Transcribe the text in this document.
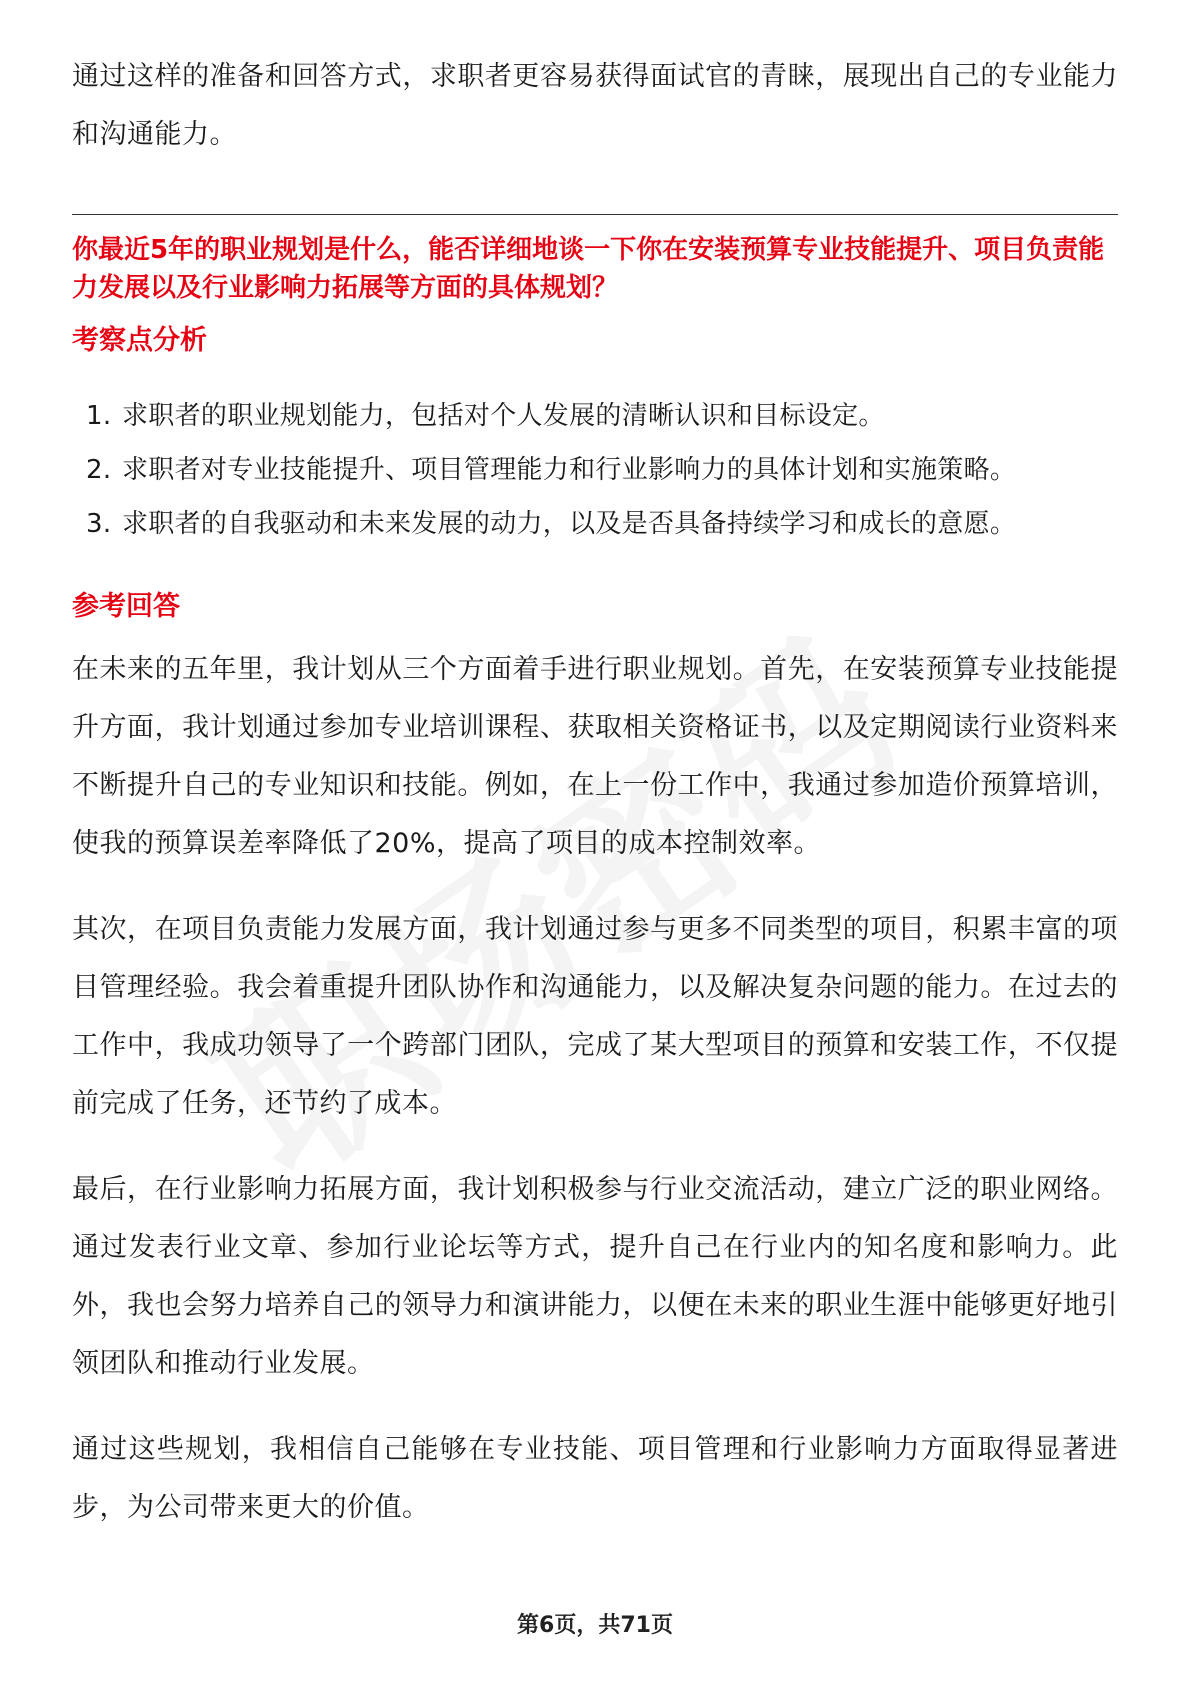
通过这样的准备和回答方式，求职者更容易获得面试官的青睐，展现出自己的专业能力和沟通能力。

你最近5年的职业规划是什么，能否详细地谈一下你在安装预算专业技能提升、项目负责能力发展以及行业影响力拓展等方面的具体规划？

考察点分析
1. 求职者的职业规划能力，包括对个人发展的清晰认识和目标设定。
2. 求职者对专业技能提升、项目管理能力和行业影响力的具体计划和实施策略。
3. 求职者的自我驱动和未来发展的动力，以及是否具备持续学习和成长的意愿。
参考回答

在未来的五年里，我计划从三个方面着手进行职业规划。首先，在安装预算专业技能提升方面，我计划通过参加专业培训课程、获取相关资格证书，以及定期阅读行业资料来不断提升自己的专业知识和技能。例如，在上一份工作中，我通过参加造价预算培训，使我的预算误差率降低了20%，提高了项目的成本控制效率。

其次，在项目负责能力发展方面，我计划通过参与更多不同类型的项目，积累丰富的项目管理经验。我会着重提升团队协作和沟通能力，以及解决复杂问题的能力。在过去的工作中，我成功领导了一个跨部门团队，完成了某大型项目的预算和安装工作，不仅提前完成了任务，还节约了成本。

最后，在行业影响力拓展方面，我计划积极参与行业交流活动，建立广泛的职业网络。通过发表行业文章、参加行业论坛等方式，提升自己在行业内的知名度和影响力。此外，我也会努力培养自己的领导力和演讲能力，以便在未来的职业生涯中能够更好地引领团队和推动行业发展。

通过这些规划，我相信自己能够在专业技能、项目管理和行业影响力方面取得显著进步，为公司带来更大的价值。

第6页，共71页
